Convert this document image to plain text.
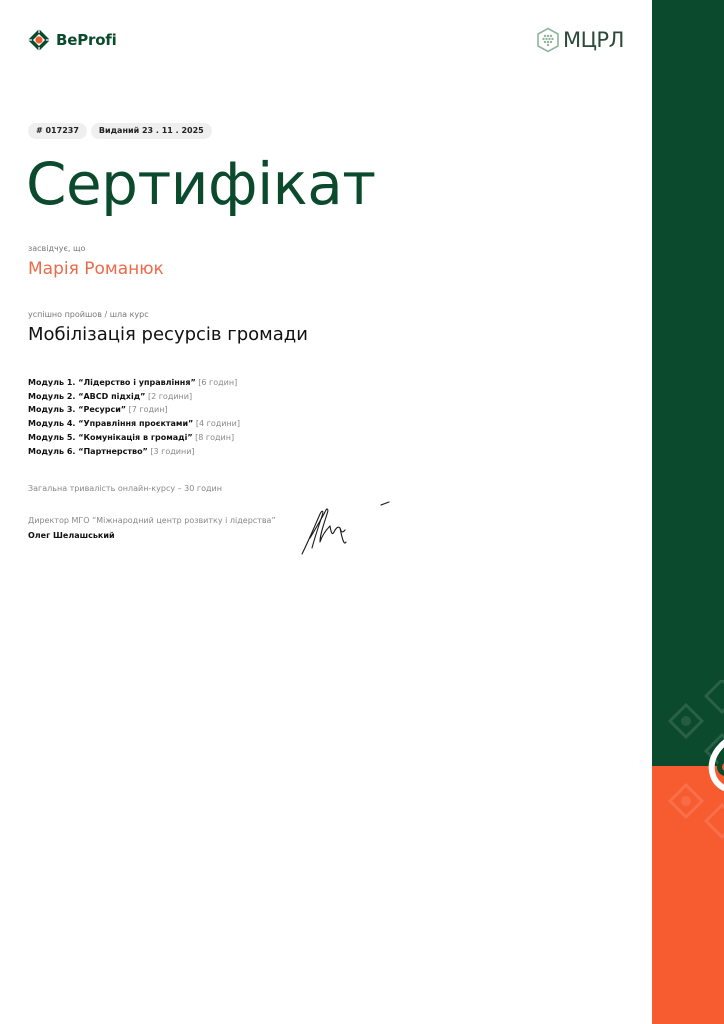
BeProfi	МЦРЛ
# 017237	Виданий 23 . 11 . 2025
Сертифікат
засвідчує, що
Марія Романюк
успішно пройшов / шла курс
Мобілізація ресурсів громади
Модуль 1. “Лідерство і управління” [6 годин]
Модуль 2. “ABCD підхід” [2 години]
Модуль 3. “Ресурси” [7 годин]
Модуль 4. “Управління проєктами” [4 години]
Модуль 5. “Комунікація в громаді” [8 годин]
Модуль 6. “Партнерство” [3 години]
Загальна тривалість онлайн-курсу – 30 годин
Директор МГО “Міжнародний центр розвитку і лідерства”
Олег Шелашський
